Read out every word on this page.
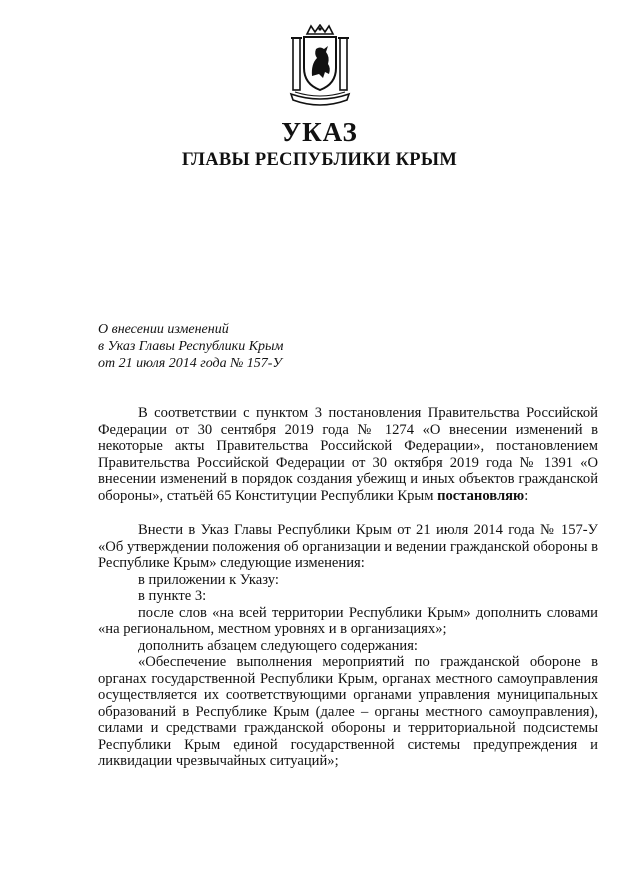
УКАЗ
ГЛАВЫ РЕСПУБЛИКИ КРЫМ
О внесении изменений
в Указ Главы Республики Крым
от 21 июля 2014 года № 157-У

В соответствии с пунктом 3 постановления Правительства Российской Федерации от 30 сентября 2019 года № 1274 «О внесении изменений в некоторые акты Правительства Российской Федерации», постановлением Правительства Российской Федерации от 30 октября 2019 года № 1391 «О внесении изменений в порядок создания убежищ и иных объектов гражданской обороны», статьёй 65 Конституции Республики Крым постановляю:

Внести в Указ Главы Республики Крым от 21 июля 2014 года № 157-У «Об утверждении положения об организации и ведении гражданской обороны в Республике Крым» следующие изменения:

в приложении к Указу:

в пункте 3:

после слов «на всей территории Республики Крым» дополнить словами «на региональном, местном уровнях и в организациях»;

дополнить абзацем следующего содержания:

«Обеспечение выполнения мероприятий по гражданской обороне в органах государственной Республики Крым, органах местного самоуправления осуществляется их соответствующими органами управления муниципальных образований в Республике Крым (далее – органы местного самоуправления), силами и средствами гражданской обороны и территориальной подсистемы Республики Крым единой государственной системы предупреждения и ликвидации чрезвычайных ситуаций»;
